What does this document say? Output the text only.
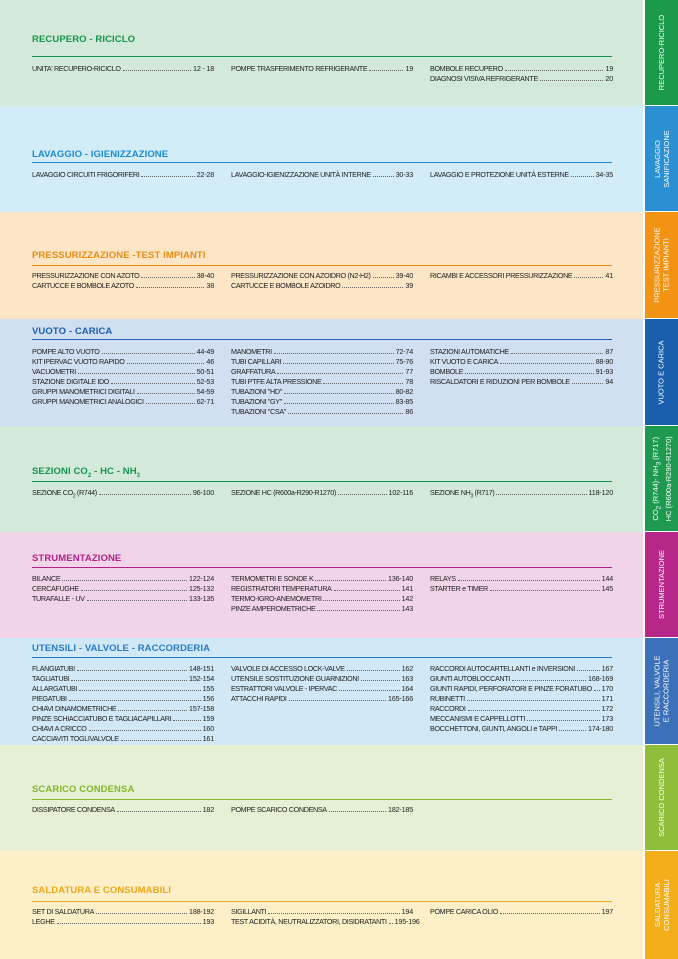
RECUPERO - RICICLO
UNITA' RECUPERO-RICICLO	12 - 18 POMPE TRASFERIMENTO REFRIGERANTE	19 BOMBOLE RECUPERO	19
DIAGNOSI VISIVA REFRIGERANTE	20
LAVAGGIO - IGIENIZZAZIONE
LAVAGGIO CIRCUITI FRIGORIFERI	22-28 LAVAGGIO-IGIENIZZAZIONE UNITÀ INTERNE	30-33 LAVAGGIO E PROTEZIONE UNITÀ ESTERNE	34-35
PRESSURIZZAZIONE -TEST IMPIANTI
PRESSURIZZAZIONE CON AZOTO	38-40
CARTUCCE E BOMBOLE AZOTO	38
PRESSURIZZAZIONE CON AZOIDRO (N2-H2)	39-40
CARTUCCE E BOMBOLE AZOIDRO	39
RICAMBI E ACCESSORI PRESSURIZZAZIONE	41
VUOTO - CARICA
POMPE ALTO VUOTO	44-49
KIT IPERVAC VUOTO RAPIDO	46
VACUOMETRI	50-51
STAZIONE DIGITALE IDO	52-53
GRUPPI MANOMETRICI DIGITALI	54-59
GRUPPI MANOMETRICI ANALOGICI	62-71
MANOMETRI	72-74
TUBI CAPILLARI	75-76
GRAFFATURA	77
TUBI PTFE ALTA PRESSIONE	78
TUBAZIONI "HD"	80-82
TUBAZIONI "GY"	83-85
TUBAZIONI "CSA"	86
STAZIONI AUTOMATICHE	87
KIT VUOTO E CARICA	88-90
BOMBOLE	91-93
RISCALDATORI E RIDUZIONI PER BOMBOLE	94
SEZIONI $CO_2$ - HC - $NH_3$
SEZIONE $CO_2$ (R744)	96-100 SEZIONE HC (R600a-R290-R1270)	102-116 SEZIONE $NH_3$ (R717)	118-120
STRUMENTAZIONE
BILANCE	122-124
CERCAFUGHE	125-132
TURAFALLE - UV	133-135
TERMOMETRI E SONDE K	136-140
REGISTRATORI TEMPERATURA	141
TERMO-IGRO-ANEMOMETRI	142
PINZE AMPEROMETRICHE	143
RELAYS	144
STARTER e TIMER	145
UTENSILI - VALVOLE - RACCORDERIA
FLANGIATUBI	148-151
TAGLIATUBI	152-154
ALLARGATUBI	155
PIEGATUBI	156
CHIAVI DINAMOMETRICHE	157-158
PINZE SCHIACCIATUBO E TAGLIACAPILLARI	159
CHIAVI A CRICCO	160
CACCIAVITI TOGLIVALVOLE	161
VALVOLE DI ACCESSO LOCK-VALVE	162
UTENSILE SOSTITUZIONE GUARNIZIONI	163
ESTRATTORI VALVOLE - IPERVAC	164
ATTACCHI RAPIDI	165-166
RACCORDI AUTOCARTELLANTI e INVERSIONI	167
GIUNTI AUTOBLOCCANTI	168-169
GIUNTI RAPIDI, PERFORATORI E PINZE FORATUBO 170
RUBINETTI	171
RACCORDI	172
MECCANISMI E CAPPELLOTTI	173
BOCCHETTONI, GIUNTI, ANGOLI e TAPPI	174-180
SCARICO CONDENSA
DISSIPATORE CONDENSA	182 POMPE SCARICO CONDENSA	182-185
SALDATURA E CONSUMABILI
SET DI SALDATURA	188-192
LEGHE	193
SIGILLANTI	194
TEST ACIDITÀ, NEUTRALIZZATORI, DISIDRATANTI 195-196
POMPE CARICA OLIO	197
RECUPERO-RICICLO
LAVAGGIO
SANIFICAZIONE
PRESSURIZZAZIONE
TEST IMPIANTI
VUOTO E CARICA
$CO_2$ (R744)- $NH_3$ (R717) HC (R600a-R290-R1270)
STRUMENTAZIONE
UTENSILI, VALVOLE
E RACCORDERIA
SCARICO CONDENSA
SALDATURA
CONSUMABILI
